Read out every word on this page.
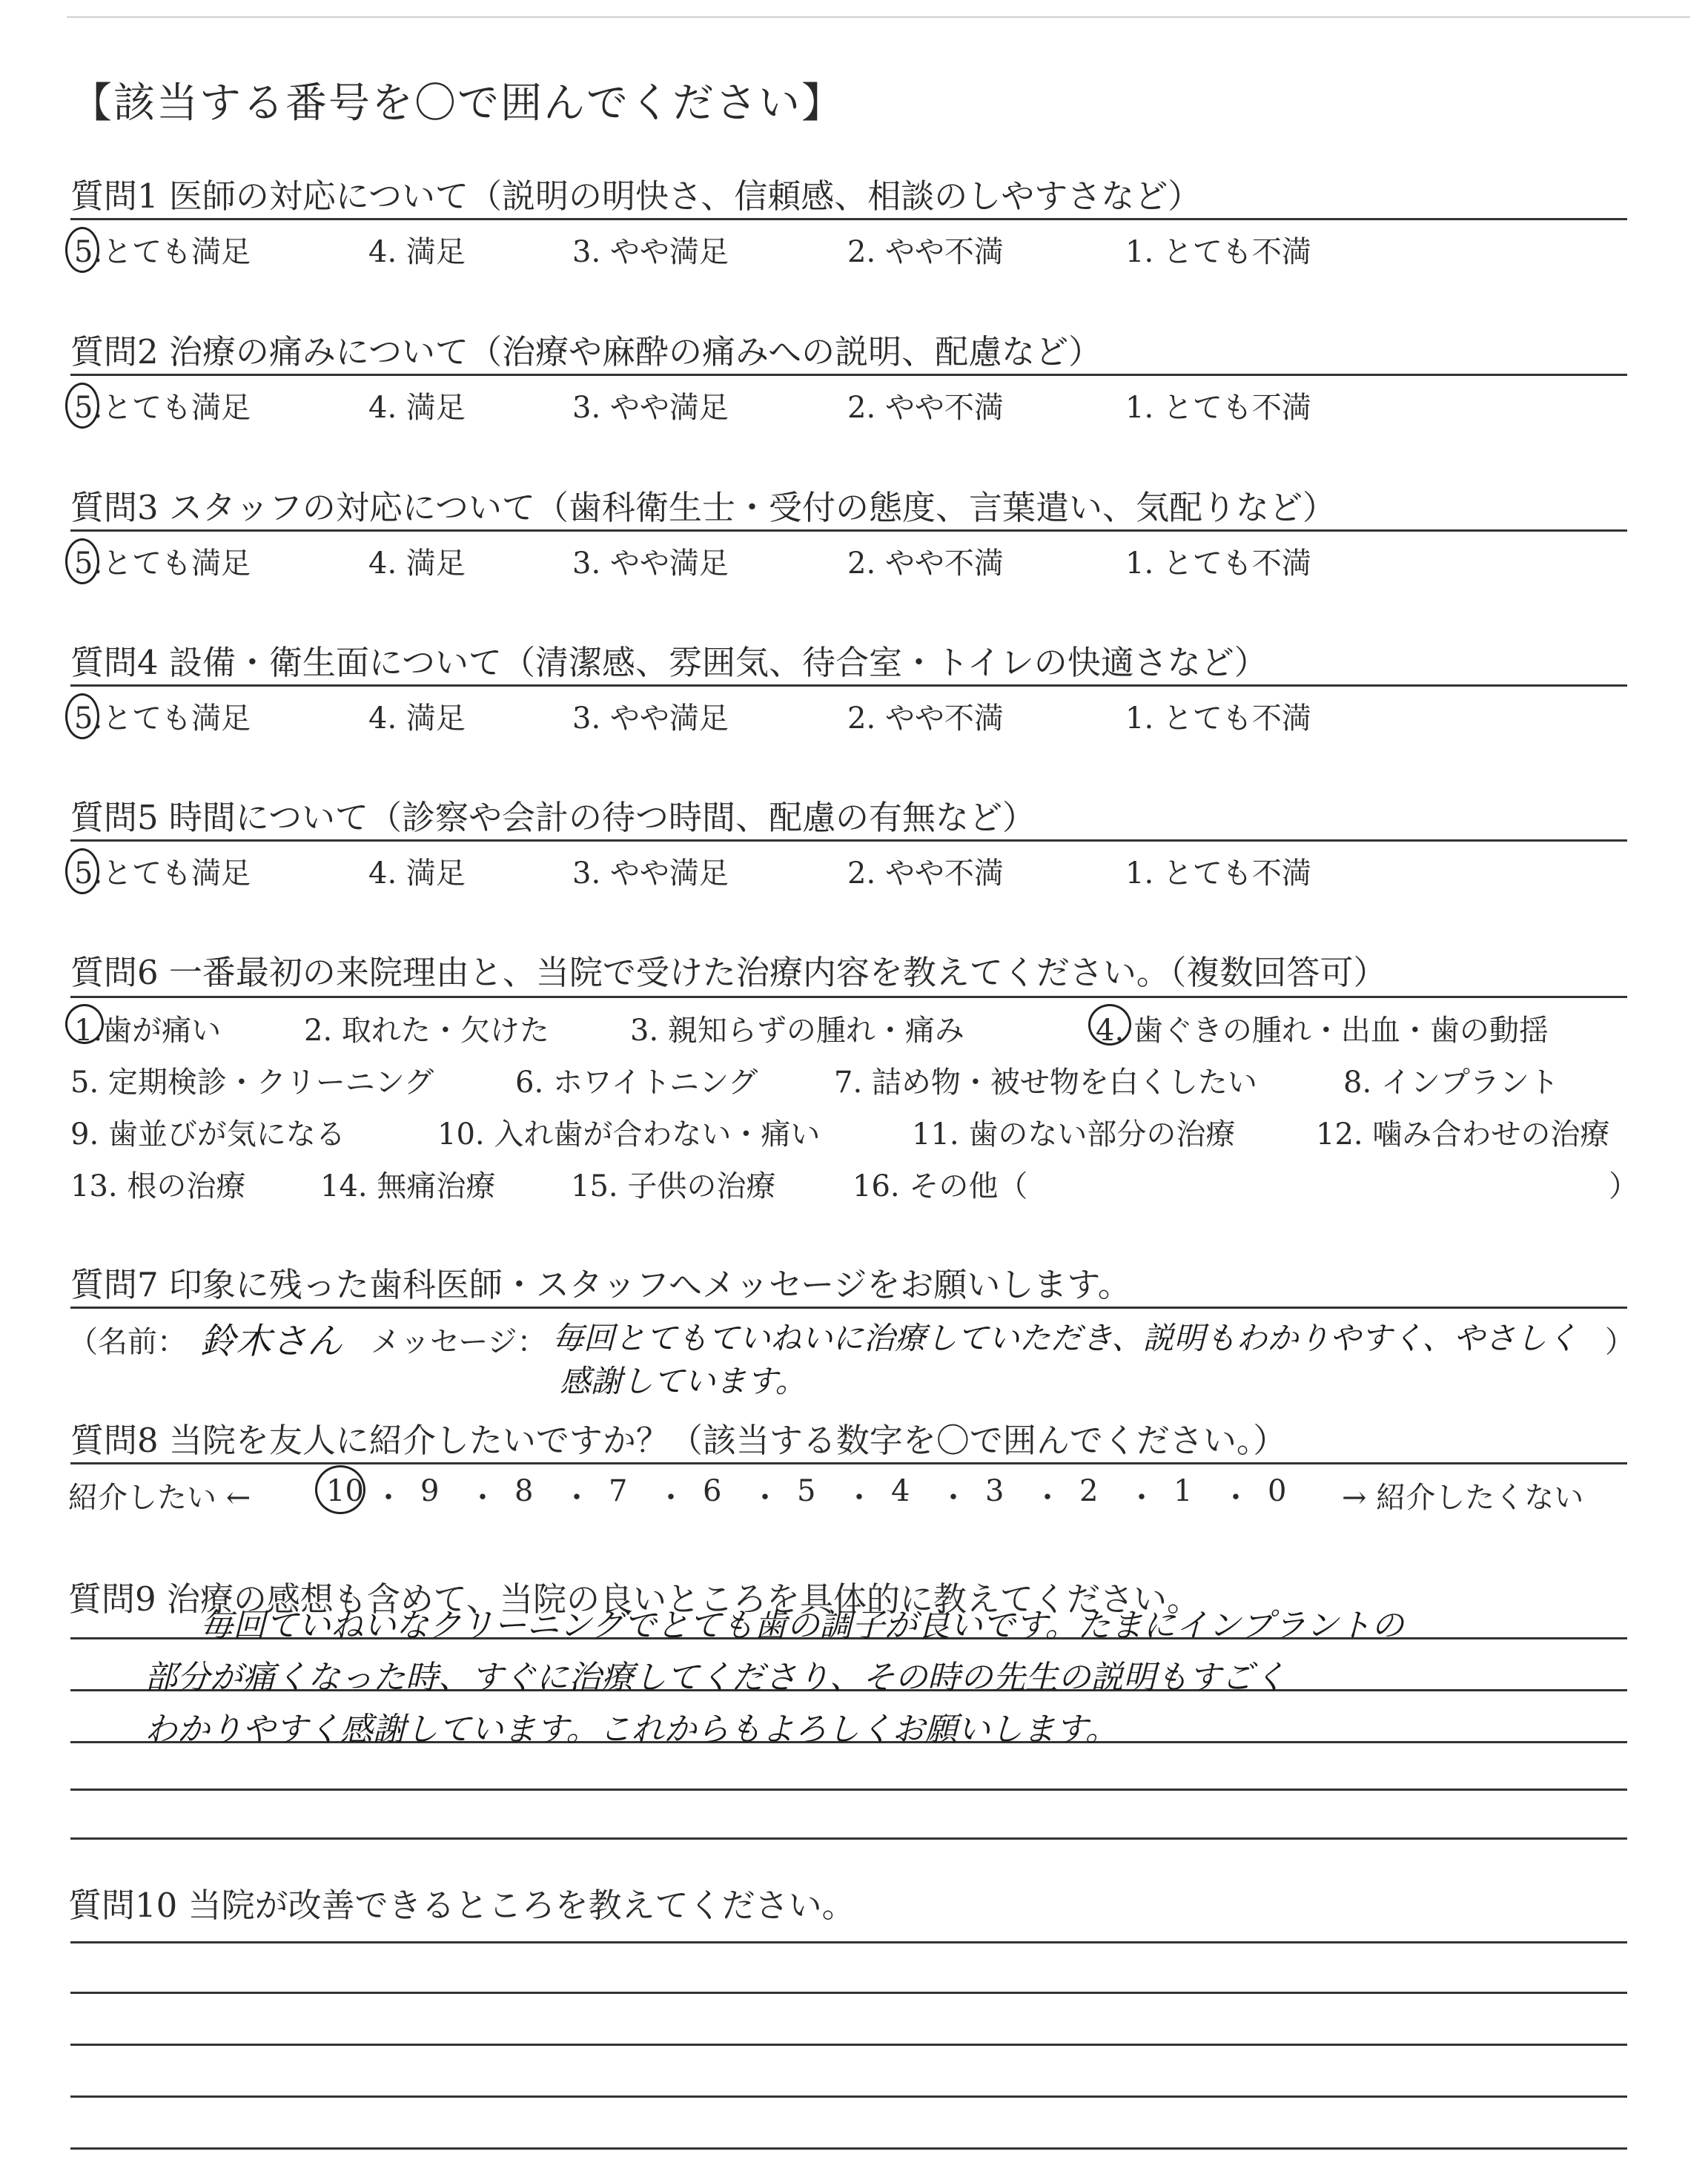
【該当する番号を〇で囲んでください】
質問1 医師の対応について（説明の明快さ、信頼感、相談のしやすさなど）
5.とても満足	4. 満足	3. やや満足	2. やや不満	1. とても不満
質問2 治療の痛みについて（治療や麻酔の痛みへの説明、配慮など）
5.とても満足	4. 満足	3. やや満足	2. やや不満	1. とても不満
質問3 スタッフの対応について（歯科衛生士・受付の態度、言葉遣い、気配りなど）
5.とても満足	4. 満足	3. やや満足	2. やや不満	1. とても不満
質問4 設備・衛生面について（清潔感、雰囲気、待合室・トイレの快適さなど）
5.とても満足	4. 満足	3. やや満足	2. やや不満	1. とても不満
質問5 時間について（診察や会計の待つ時間、配慮の有無など）
5.とても満足	4. 満足	3. やや満足	2. やや不満	1. とても不満
質問6 一番最初の来院理由と、当院で受けた治療内容を教えてください。（複数回答可）
1.歯が痛い	2. 取れた・欠けた	3. 親知らずの腫れ・痛み	4. 歯ぐきの腫れ・出血・歯の動揺
5. 定期検診・クリーニング	6. ホワイトニング	7. 詰め物・被せ物を白くしたい	8. インプラント
9. 歯並びが気になる	10. 入れ歯が合わない・痛い	11. 歯のない部分の治療	12. 噛み合わせの治療
13. 根の治療	14. 無痛治療	15. 子供の治療	16. その他（	）
質問7 印象に残った歯科医師・スタッフへメッセージをお願いします。
（名前： 鈴木さん メッセージ： 毎回とてもていねいに治療していただき、説明もわかりやすく、やさしく
感謝しています。
）
質問8 当院を友人に紹介したいですか？（該当する数字を〇で囲んでください。）
紹介したい ←	10 ・ 9 ・ 8 ・ 7 ・ 6 ・ 5 ・ 4 ・ 3 ・ 2 ・ 1 ・ 0 → 紹介したくない
質問9 治療の感想も含めて、当院の良いところを具体的に教えてください。
毎回ていねいなクリーニングでとても歯の調子が良いです。たまにインプラントの
部分が痛くなった時、すぐに治療してくださり、その時の先生の説明もすごく
わかりやすく感謝しています。これからもよろしくお願いします。
質問10 当院が改善できるところを教えてください。
